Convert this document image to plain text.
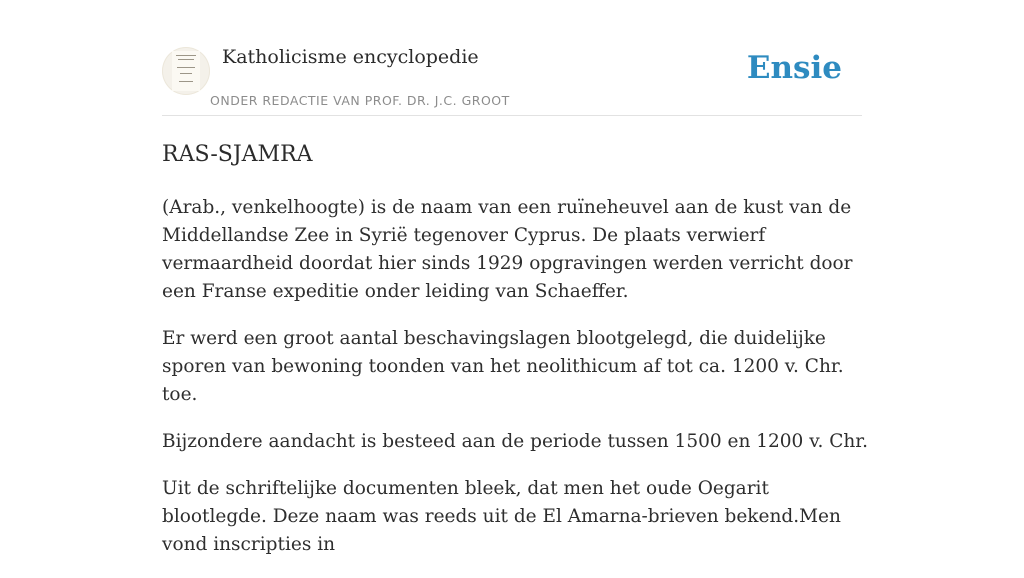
Katholicisme encyclopedie
ONDER REDACTIE VAN PROF. DR. J.C. GROOT
Ensie
RAS-SJAMRA

(Arab., venkelhoogte) is de naam van een ruïneheuvel aan de kust van de Middellandse Zee in Syrië tegenover Cyprus. De plaats verwierf vermaardheid doordat hier sinds 1929 opgravingen werden verricht door een Franse expeditie onder leiding van Schaeffer.

Er werd een groot aantal beschavingslagen blootgelegd, die duidelijke sporen van bewoning toonden van het neolithicum af tot ca. 1200 v. Chr. toe.

Bijzondere aandacht is besteed aan de periode tussen 1500 en 1200 v. Chr.

Uit de schriftelijke documenten bleek, dat men het oude Oegarit blootlegde. Deze naam was reeds uit de El Amarna-brieven bekend.Men vond inscripties in
